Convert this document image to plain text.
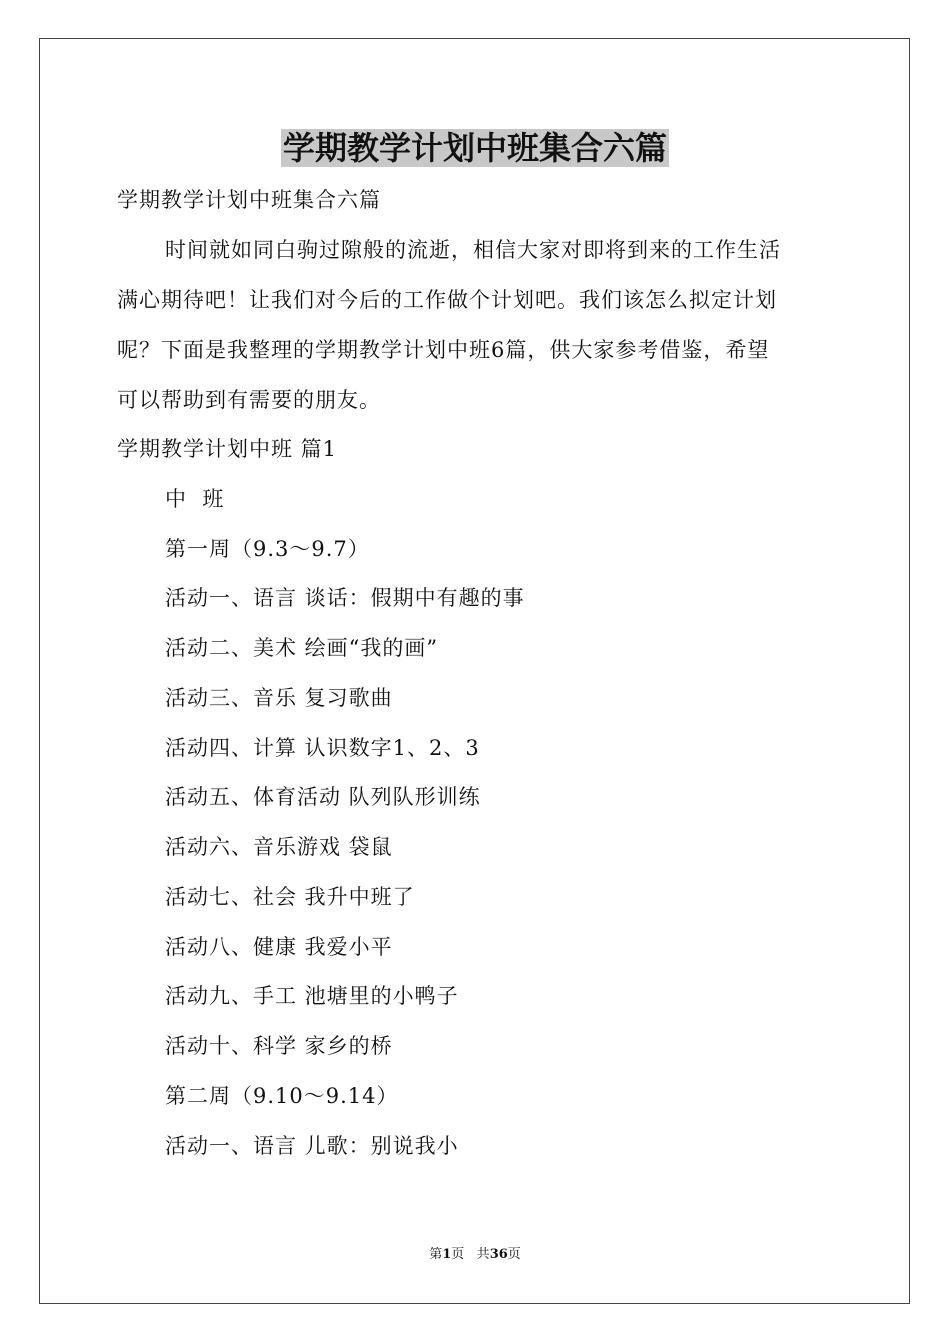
学期教学计划中班集合六篇
学期教学计划中班集合六篇
时间就如同白驹过隙般的流逝，相信大家对即将到来的工作生活
满心期待吧！让我们对今后的工作做个计划吧。我们该怎么拟定计划
呢？下面是我整理的学期教学计划中班6篇，供大家参考借鉴，希望
可以帮助到有需要的朋友。
学期教学计划中班 篇1
中  班
第一周（9.3～9.7）
活动一、语言 谈话：假期中有趣的事
活动二、美术 绘画“我的画”
活动三、音乐 复习歌曲
活动四、计算 认识数字1、2、3
活动五、体育活动 队列队形训练
活动六、音乐游戏 袋鼠
活动七、社会 我升中班了
活动八、健康 我爱小平
活动九、手工 池塘里的小鸭子
活动十、科学 家乡的桥
第二周（9.10～9.14）
活动一、语言 儿歌：别说我小
第1页 共36页
